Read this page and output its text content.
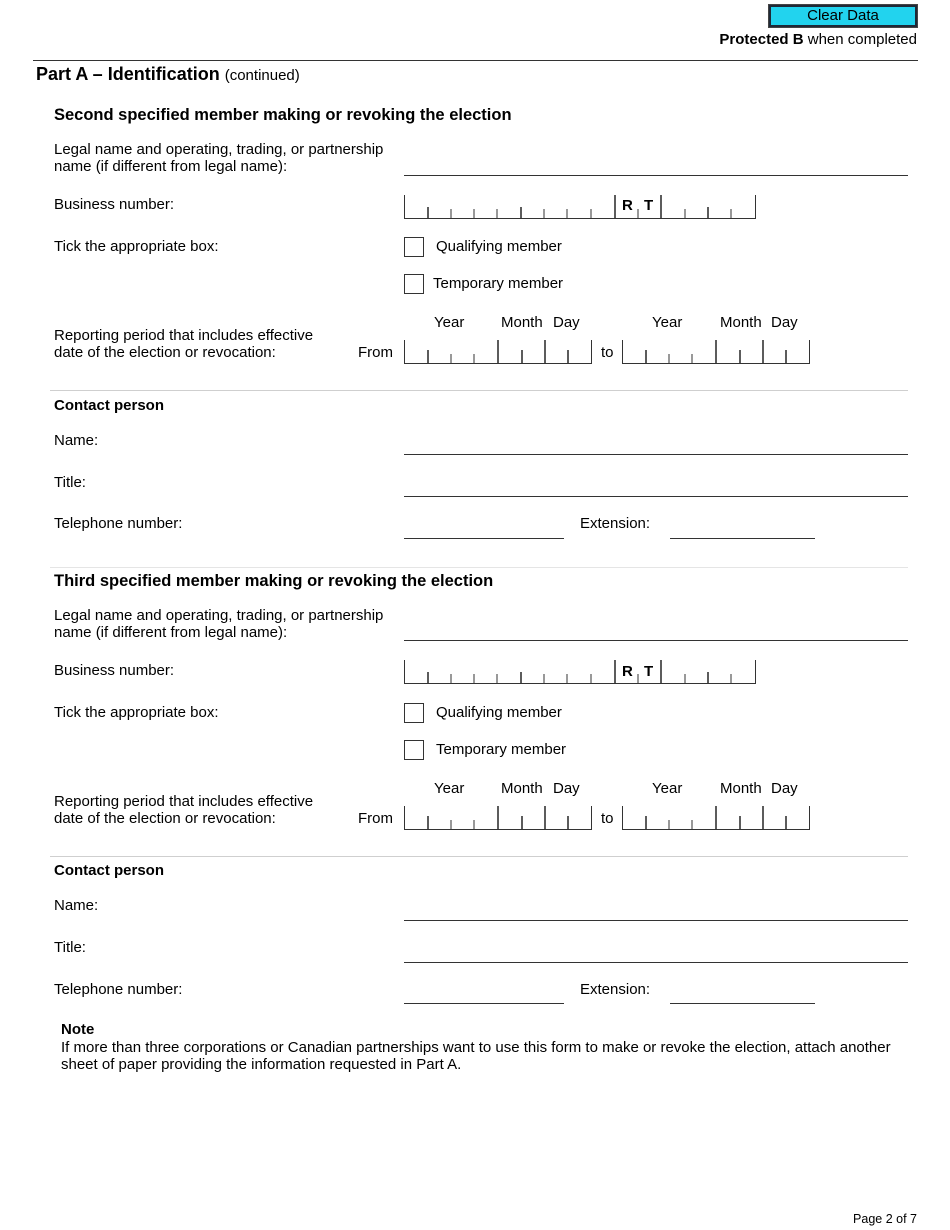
Clear Data
Protected B when completed
Part A – Identification (continued)
Second specified member making or revoking the election
Legal name and operating, trading, or partnership
name (if different from legal name):
Business number:	R T
Tick the appropriate box:	Qualifying member
Temporary member
Year Month Day	Year	Month Day
Reporting period that includes effective
date of the election or revocation:	From	to
Contact person
Name:
Title:
Telephone number:	Extension:
Third specified member making or revoking the election
Legal name and operating, trading, or partnership
name (if different from legal name):
Business number:	R T
Tick the appropriate box:	Qualifying member
Temporary member
Year Month Day	Year	Month Day
Reporting period that includes effective
date of the election or revocation:	From	to
Contact person
Name:
Title:
Telephone number:	Extension:
Note
If more than three corporations or Canadian partnerships want to use this form to make or revoke the election, attach another sheet of paper providing the information requested in Part A.
Page 2 of 7
